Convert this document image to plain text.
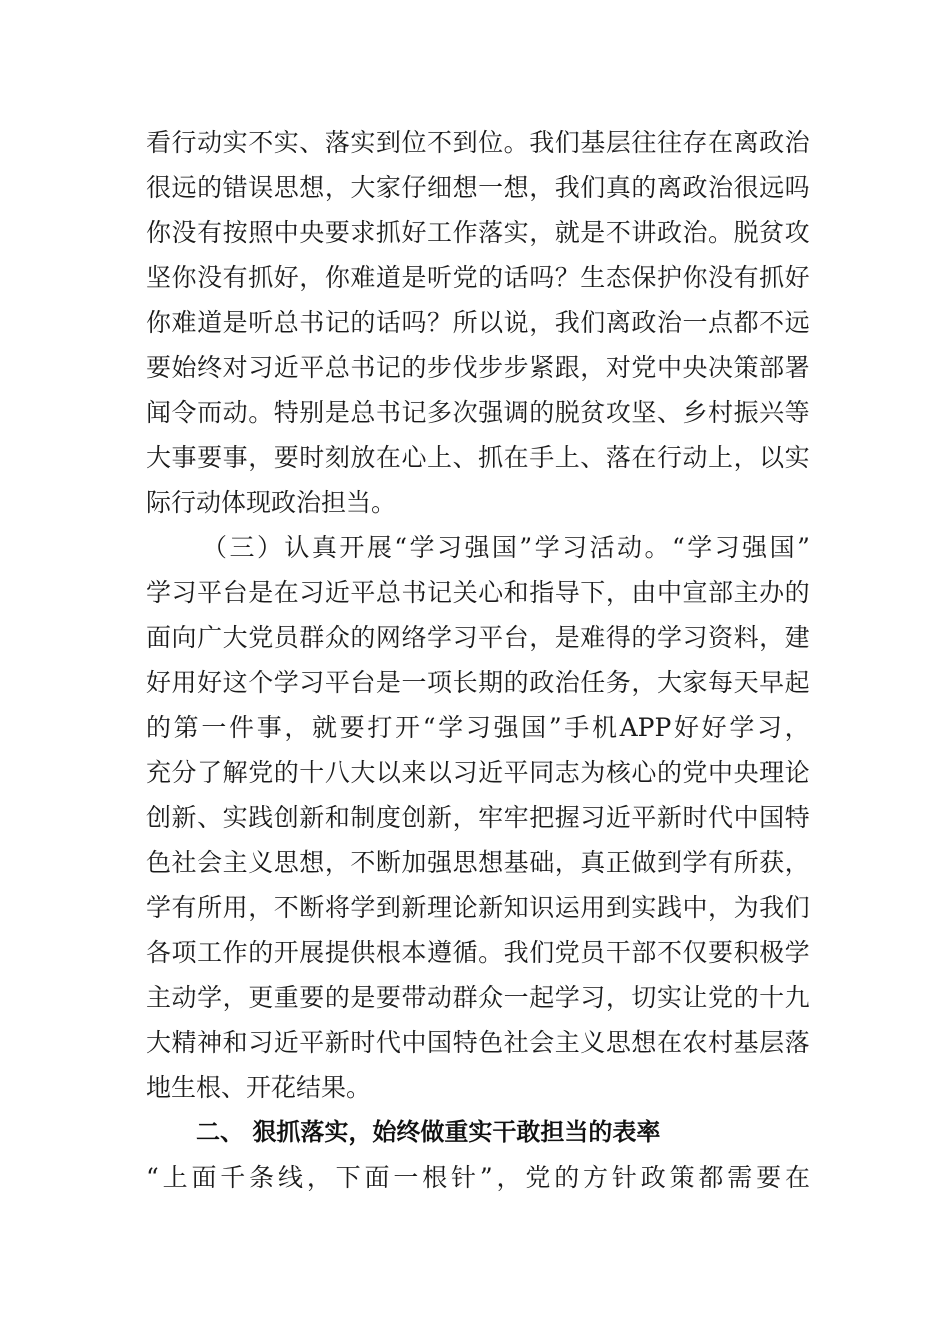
看 行 动 实 不 实 、 落 实 到 位 不 到 位 。 我 们 基 层 往 往 存 在 离 政 治
很 远 的 错 误 思 想 ， 大 家 仔 细 想 一 想 ， 我 们 真 的 离 政 治 很 远 吗
你 没 有 按 照 中 央 要 求 抓 好 工 作 落 实 ， 就 是 不 讲 政 治 。 脱 贫 攻
坚 你 没 有 抓 好 ， 你 难 道 是 听 党 的 话 吗 ？ 生 态 保 护 你 没 有 抓 好
你 难 道 是 听 总 书 记 的 话 吗 ？ 所 以 说 ， 我 们 离 政 治 一 点 都 不 远
要 始 终 对 习 近 平 总 书 记 的 步 伐 步 步 紧 跟 ， 对 党 中 央 决 策 部 署
闻 令 而 动 。 特 别 是 总 书 记 多 次 强 调 的 脱 贫 攻 坚 、 乡 村 振 兴 等
大 事 要 事 ， 要 时 刻 放 在 心 上 、 抓 在 手 上 、 落 在 行 动 上 ， 以 实
际行动体现政治担当。
（ 三 ） 认 真 开 展 “ 学 习 强 国 ” 学 习 活 动 。 “ 学 习 强 国 ”
学 习 平 台 是 在 习 近 平 总 书 记 关 心 和 指 导 下 ， 由 中 宣 部 主 办 的
面 向 广 大 党 员 群 众 的 网 络 学 习 平 台 ， 是 难 得 的 学 习 资 料 ， 建
好 用 好 这 个 学 习 平 台 是 一 项 长 期 的 政 治 任 务 ， 大 家 每 天 早 起
的 第 一 件 事 ， 就 要 打 开 “ 学 习 强 国 ” 手 机 APP 好 好 学 习 ，
充 分 了 解 党 的 十 八 大 以 来 以 习 近 平 同 志 为 核 心 的 党 中 央 理 论
创 新 、 实 践 创 新 和 制 度 创 新 ， 牢 牢 把 握 习 近 平 新 时 代 中 国 特
色 社 会 主 义 思 想 ， 不 断 加 强 思 想 基 础 ， 真 正 做 到 学 有 所 获 ，
学 有 所 用 ， 不 断 将 学 到 新 理 论 新 知 识 运 用 到 实 践 中 ， 为 我 们
各 项 工 作 的 开 展 提 供 根 本 遵 循 。 我 们 党 员 干 部 不 仅 要 积 极 学
主 动 学 ， 更 重 要 的 是 要 带 动 群 众 一 起 学 习 ， 切 实 让 党 的 十 九
大 精 神 和 习 近 平 新 时 代 中 国 特 色 社 会 主 义 思 想 在 农 村 基 层 落
地生根、开花结果。
二、 狠抓落实，始终做重实干敢担当的表率
“ 上 面 千 条 线 ， 下 面 一 根 针 ” ， 党 的 方 针 政 策 都 需 要 在
